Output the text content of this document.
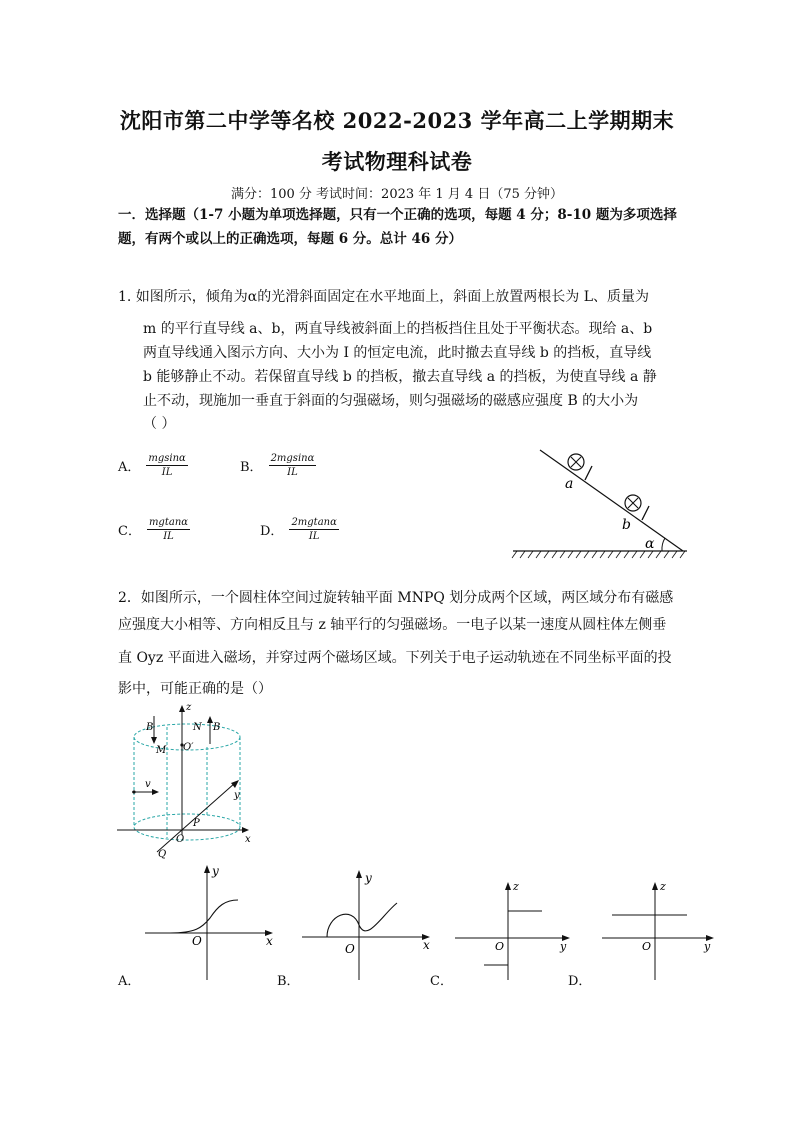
沈阳市第二中学等名校 2022-2023 学年高二上学期期末
考试物理科试卷
满分：100 分 考试时间：2023 年 1 月 4 日（75 分钟）
一．选择题（1-7 小题为单项选择题，只有一个正确的选项，每题 4 分；8-10 题为多项选择
题，有两个或以上的正确选项，每题 6 分。总计 46 分）
1. 如图所示，倾角为α的光滑斜面固定在水平地面上，斜面上放置两根长为 L、质量为
m 的平行直导线 a、b，两直导线被斜面上的挡板挡住且处于平衡状态。现给 a、b
两直导线通入图示方向、大小为 I 的恒定电流，此时撤去直导线 b 的挡板，直导线
b 能够静止不动。若保留直导线 b 的挡板，撤去直导线 a 的挡板，为使直导线 a 静
止不动，现施加一垂直于斜面的匀强磁场，则匀强磁场的磁感应强度 B 的大小为
（ ）
A． $\frac{mgsin\alpha}{IL}$	B． $\frac{2mgsin\alpha}{IL}$
C． $\frac{mgtan\alpha}{IL}$	D． $\frac{2mgtan\alpha}{IL}$
a
b
α
2．如图所示，一个圆柱体空间过旋转轴平面 MNPQ 划分成两个区域，两区域分布有磁感
应强度大小相等、方向相反且与 z 轴平行的匀强磁场。一电子以某一速度从圆柱体左侧垂
直 Oyz 平面进入磁场，并穿过两个磁场区域。下列关于电子运动轨迹在不同坐标平面的投
影中，可能正确的是（）
z
B	B
N
M O′
v
y
P
O
Q
x
y
x
O
A．
y
x
O
B．
z
y
O
C．
z
y
O
D．
